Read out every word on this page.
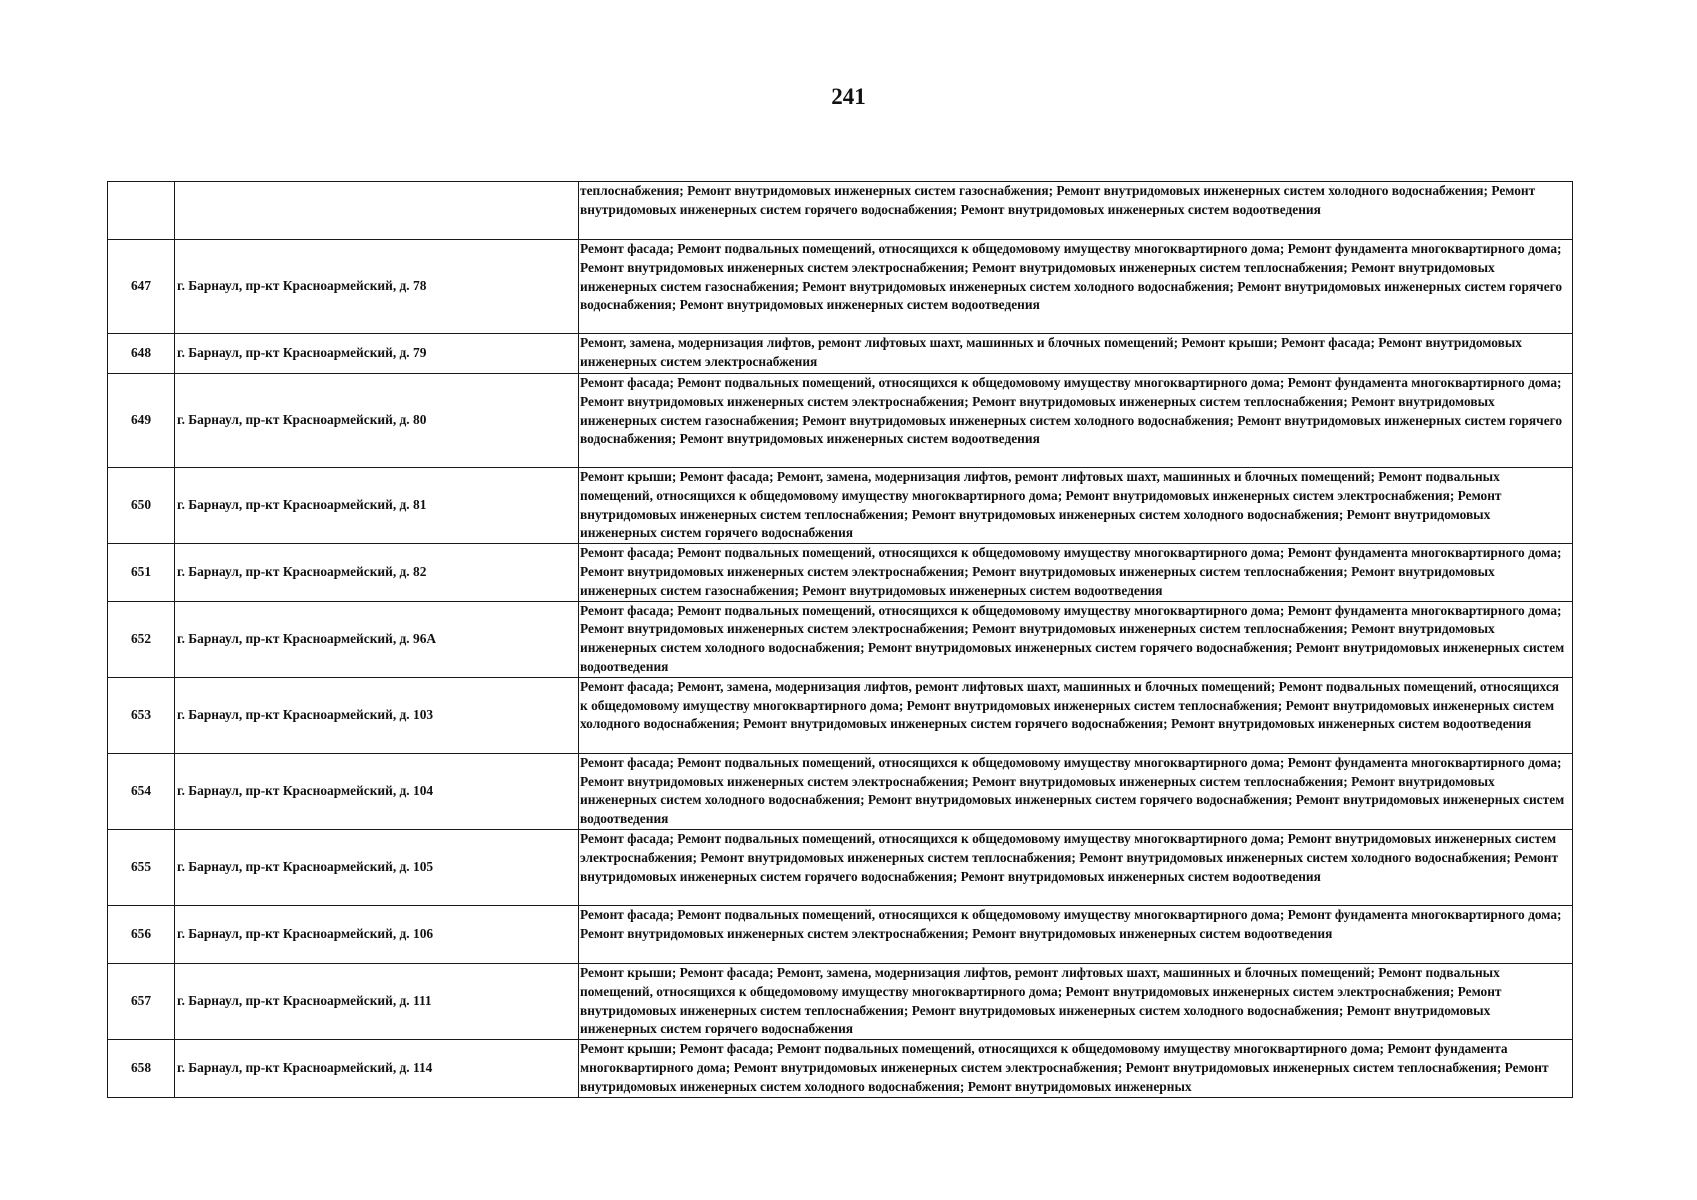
241

		теплоснабжения; Ремонт внутридомовых инженерных систем газоснабжения; Ремонт внутридомовых инженерных систем холодного водоснабжения; Ремонт внутридомовых инженерных систем горячего водоснабжения; Ремонт внутридомовых инженерных систем водоотведения

647	г. Барнаул, пр-кт Красноармейский, д. 78	Ремонт фасада; Ремонт подвальных помещений, относящихся к общедомовому имуществу многоквартирного дома; Ремонт фундамента многоквартирного дома; Ремонт внутридомовых инженерных систем электроснабжения; Ремонт внутридомовых инженерных систем теплоснабжения; Ремонт внутридомовых инженерных систем газоснабжения; Ремонт внутридомовых инженерных систем холодного водоснабжения; Ремонт внутридомовых инженерных систем горячего водоснабжения; Ремонт внутридомовых инженерных систем водоотведения

648	г. Барнаул, пр-кт Красноармейский, д. 79	Ремонт, замена, модернизация лифтов, ремонт лифтовых шахт, машинных и блочных помещений; Ремонт крыши; Ремонт фасада; Ремонт внутридомовых инженерных систем электроснабжения

649	г. Барнаул, пр-кт Красноармейский, д. 80	Ремонт фасада; Ремонт подвальных помещений, относящихся к общедомовому имуществу многоквартирного дома; Ремонт фундамента многоквартирного дома; Ремонт внутридомовых инженерных систем электроснабжения; Ремонт внутридомовых инженерных систем теплоснабжения; Ремонт внутридомовых инженерных систем газоснабжения; Ремонт внутридомовых инженерных систем холодного водоснабжения; Ремонт внутридомовых инженерных систем горячего водоснабжения; Ремонт внутридомовых инженерных систем водоотведения

650	г. Барнаул, пр-кт Красноармейский, д. 81	Ремонт крыши; Ремонт фасада; Ремонт, замена, модернизация лифтов, ремонт лифтовых шахт, машинных и блочных помещений; Ремонт подвальных помещений, относящихся к общедомовому имуществу многоквартирного дома; Ремонт внутридомовых инженерных систем электроснабжения; Ремонт внутридомовых инженерных систем теплоснабжения; Ремонт внутридомовых инженерных систем холодного водоснабжения; Ремонт внутридомовых инженерных систем горячего водоснабжения

651	г. Барнаул, пр-кт Красноармейский, д. 82	Ремонт фасада; Ремонт подвальных помещений, относящихся к общедомовому имуществу многоквартирного дома; Ремонт фундамента многоквартирного дома; Ремонт внутридомовых инженерных систем электроснабжения; Ремонт внутридомовых инженерных систем теплоснабжения; Ремонт внутридомовых инженерных систем газоснабжения; Ремонт внутридомовых инженерных систем водоотведения

652	г. Барнаул, пр-кт Красноармейский, д. 96А	Ремонт фасада; Ремонт подвальных помещений, относящихся к общедомовому имуществу многоквартирного дома; Ремонт фундамента многоквартирного дома; Ремонт внутридомовых инженерных систем электроснабжения; Ремонт внутридомовых инженерных систем теплоснабжения; Ремонт внутридомовых инженерных систем холодного водоснабжения; Ремонт внутридомовых инженерных систем горячего водоснабжения; Ремонт внутридомовых инженерных систем водоотведения

653	г. Барнаул, пр-кт Красноармейский, д. 103	Ремонт фасада; Ремонт, замена, модернизация лифтов, ремонт лифтовых шахт, машинных и блочных помещений; Ремонт подвальных помещений, относящихся к общедомовому имуществу многоквартирного дома; Ремонт внутридомовых инженерных систем теплоснабжения; Ремонт внутридомовых инженерных систем холодного водоснабжения; Ремонт внутридомовых инженерных систем горячего водоснабжения; Ремонт внутридомовых инженерных систем водоотведения

654	г. Барнаул, пр-кт Красноармейский, д. 104	Ремонт фасада; Ремонт подвальных помещений, относящихся к общедомовому имуществу многоквартирного дома; Ремонт фундамента многоквартирного дома; Ремонт внутридомовых инженерных систем электроснабжения; Ремонт внутридомовых инженерных систем теплоснабжения; Ремонт внутридомовых инженерных систем холодного водоснабжения; Ремонт внутридомовых инженерных систем горячего водоснабжения; Ремонт внутридомовых инженерных систем водоотведения

655	г. Барнаул, пр-кт Красноармейский, д. 105	Ремонт фасада; Ремонт подвальных помещений, относящихся к общедомовому имуществу многоквартирного дома; Ремонт внутридомовых инженерных систем электроснабжения; Ремонт внутридомовых инженерных систем теплоснабжения; Ремонт внутридомовых инженерных систем холодного водоснабжения; Ремонт внутридомовых инженерных систем горячего водоснабжения; Ремонт внутридомовых инженерных систем водоотведения

656	г. Барнаул, пр-кт Красноармейский, д. 106	Ремонт фасада; Ремонт подвальных помещений, относящихся к общедомовому имуществу многоквартирного дома; Ремонт фундамента многоквартирного дома; Ремонт внутридомовых инженерных систем электроснабжения; Ремонт внутридомовых инженерных систем водоотведения

657	г. Барнаул, пр-кт Красноармейский, д. 111	Ремонт крыши; Ремонт фасада; Ремонт, замена, модернизация лифтов, ремонт лифтовых шахт, машинных и блочных помещений; Ремонт подвальных помещений, относящихся к общедомовому имуществу многоквартирного дома; Ремонт внутридомовых инженерных систем электроснабжения; Ремонт внутридомовых инженерных систем теплоснабжения; Ремонт внутридомовых инженерных систем холодного водоснабжения; Ремонт внутридомовых инженерных систем горячего водоснабжения

658	г. Барнаул, пр-кт Красноармейский, д. 114	Ремонт крыши; Ремонт фасада; Ремонт подвальных помещений, относящихся к общедомовому имуществу многоквартирного дома; Ремонт фундамента многоквартирного дома; Ремонт внутридомовых инженерных систем электроснабжения; Ремонт внутридомовых инженерных систем теплоснабжения; Ремонт внутридомовых инженерных систем холодного водоснабжения; Ремонт внутридомовых инженерных
